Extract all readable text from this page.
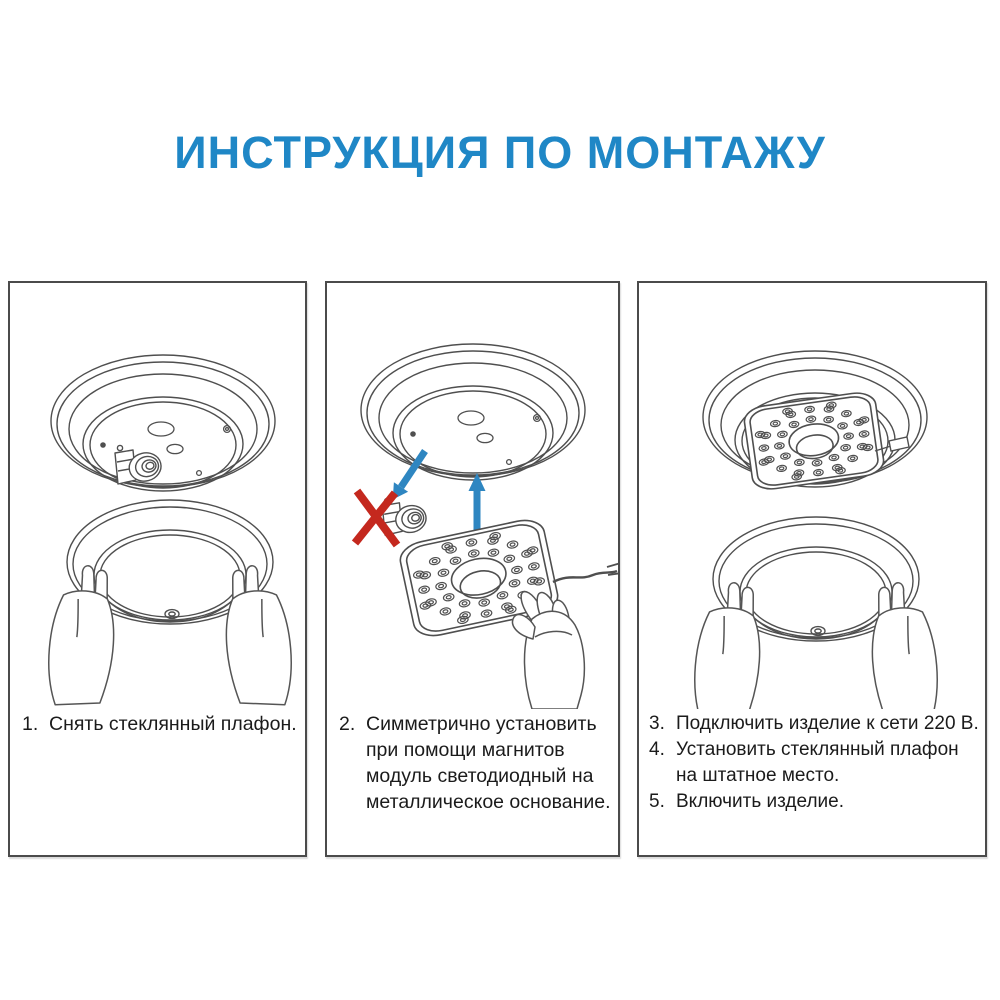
ИНСТРУКЦИЯ ПО МОНТАЖУ
1. Снять стеклянный плафон. 2. Симметрично установить при помощи магнитов модуль светодиодный на металлическое основание.
3. Подключить изделие к сети 220 В.
4. Установить стеклянный плафон на штатное место.
5. Включить изделие.
